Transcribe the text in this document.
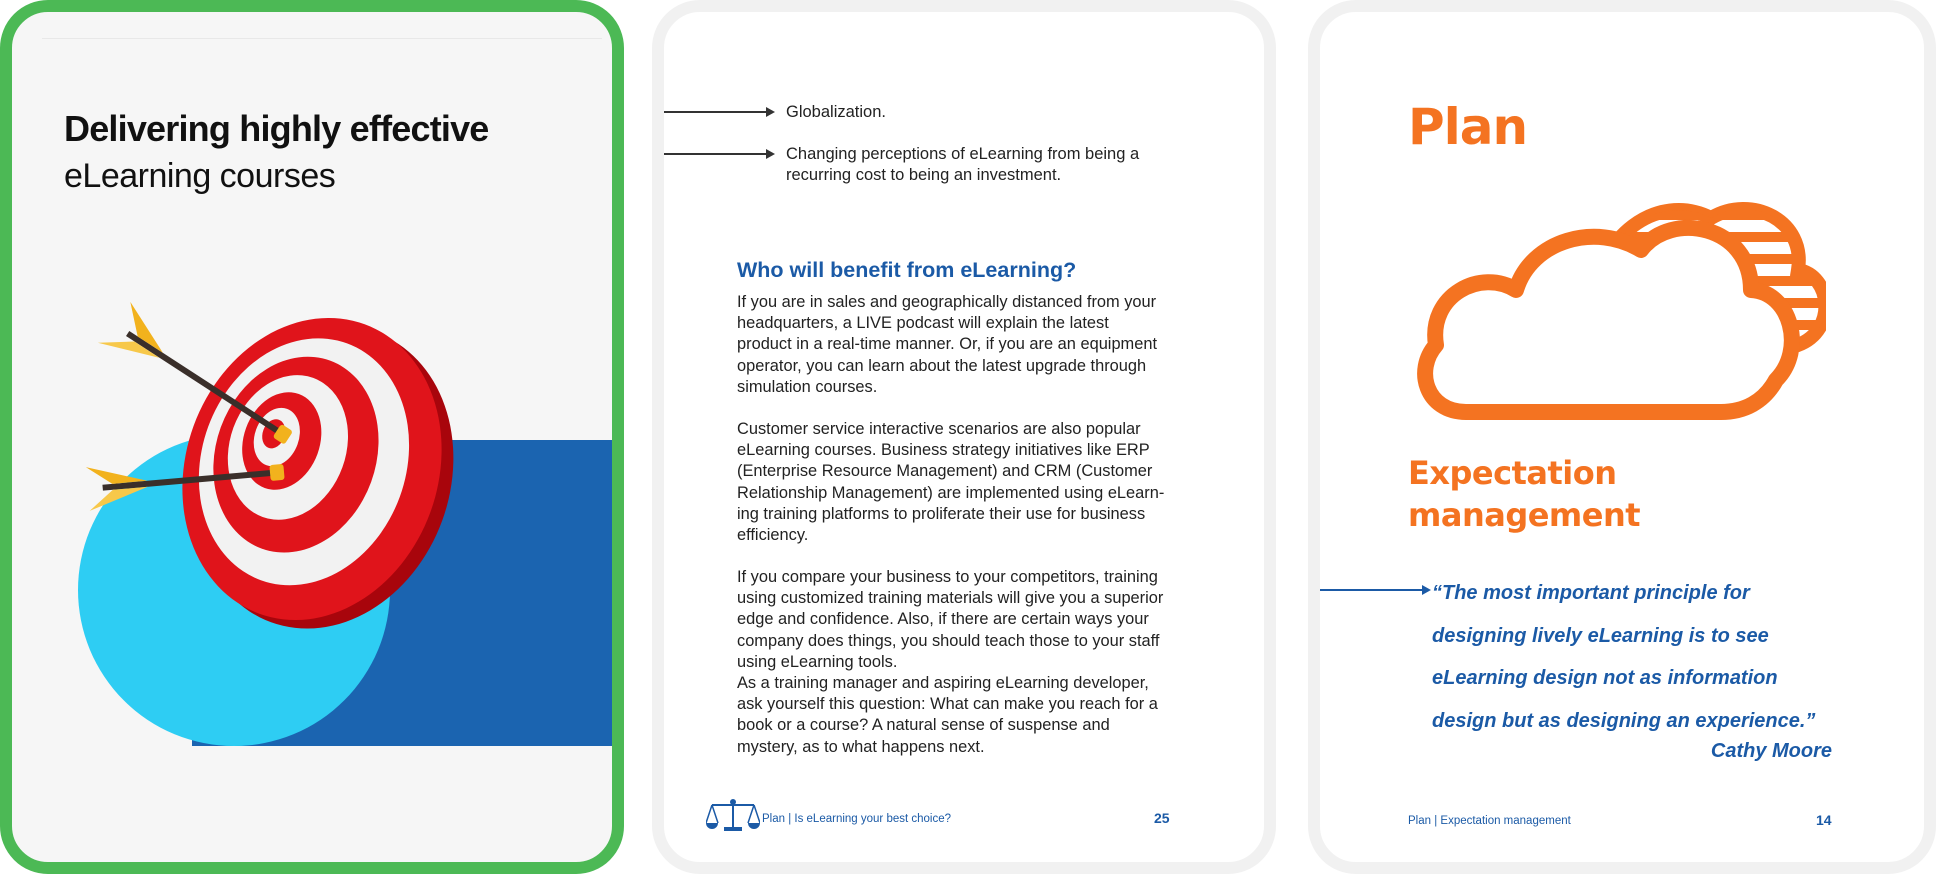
Delivering highly effective
eLearning courses

Globalization.

Changing perceptions of eLearning from being a recurring cost to being an investment.

Who will benefit from eLearning?

If you are in sales and geographically distanced from your headquarters, a LIVE podcast will explain the latest product in a real-time manner. Or, if you are an equipment operator, you can learn about the latest upgrade through simulation courses.

Customer service interactive scenarios are also popular eLearning courses. Business strategy initiatives like ERP (Enterprise Resource Management) and CRM (Customer Relationship Management) are implemented using eLearning training platforms to proliferate their use for business efficiency.

If you compare your business to your competitors, training using customized training materials will give you a superior edge and confidence. Also, if there are certain ways your company does things, you should teach those to your staff using eLearning tools.

As a training manager and aspiring eLearning developer, ask yourself this question: What can make you reach for a book or a course? A natural sense of suspense and mystery, as to what happens next.

Plan | Is eLearning your best choice?	25
Plan
Expectation management

“The most important principle for designing lively eLearning is to see eLearning design not as information design but as designing an experience.”

Cathy Moore

Plan | Expectation management	14
